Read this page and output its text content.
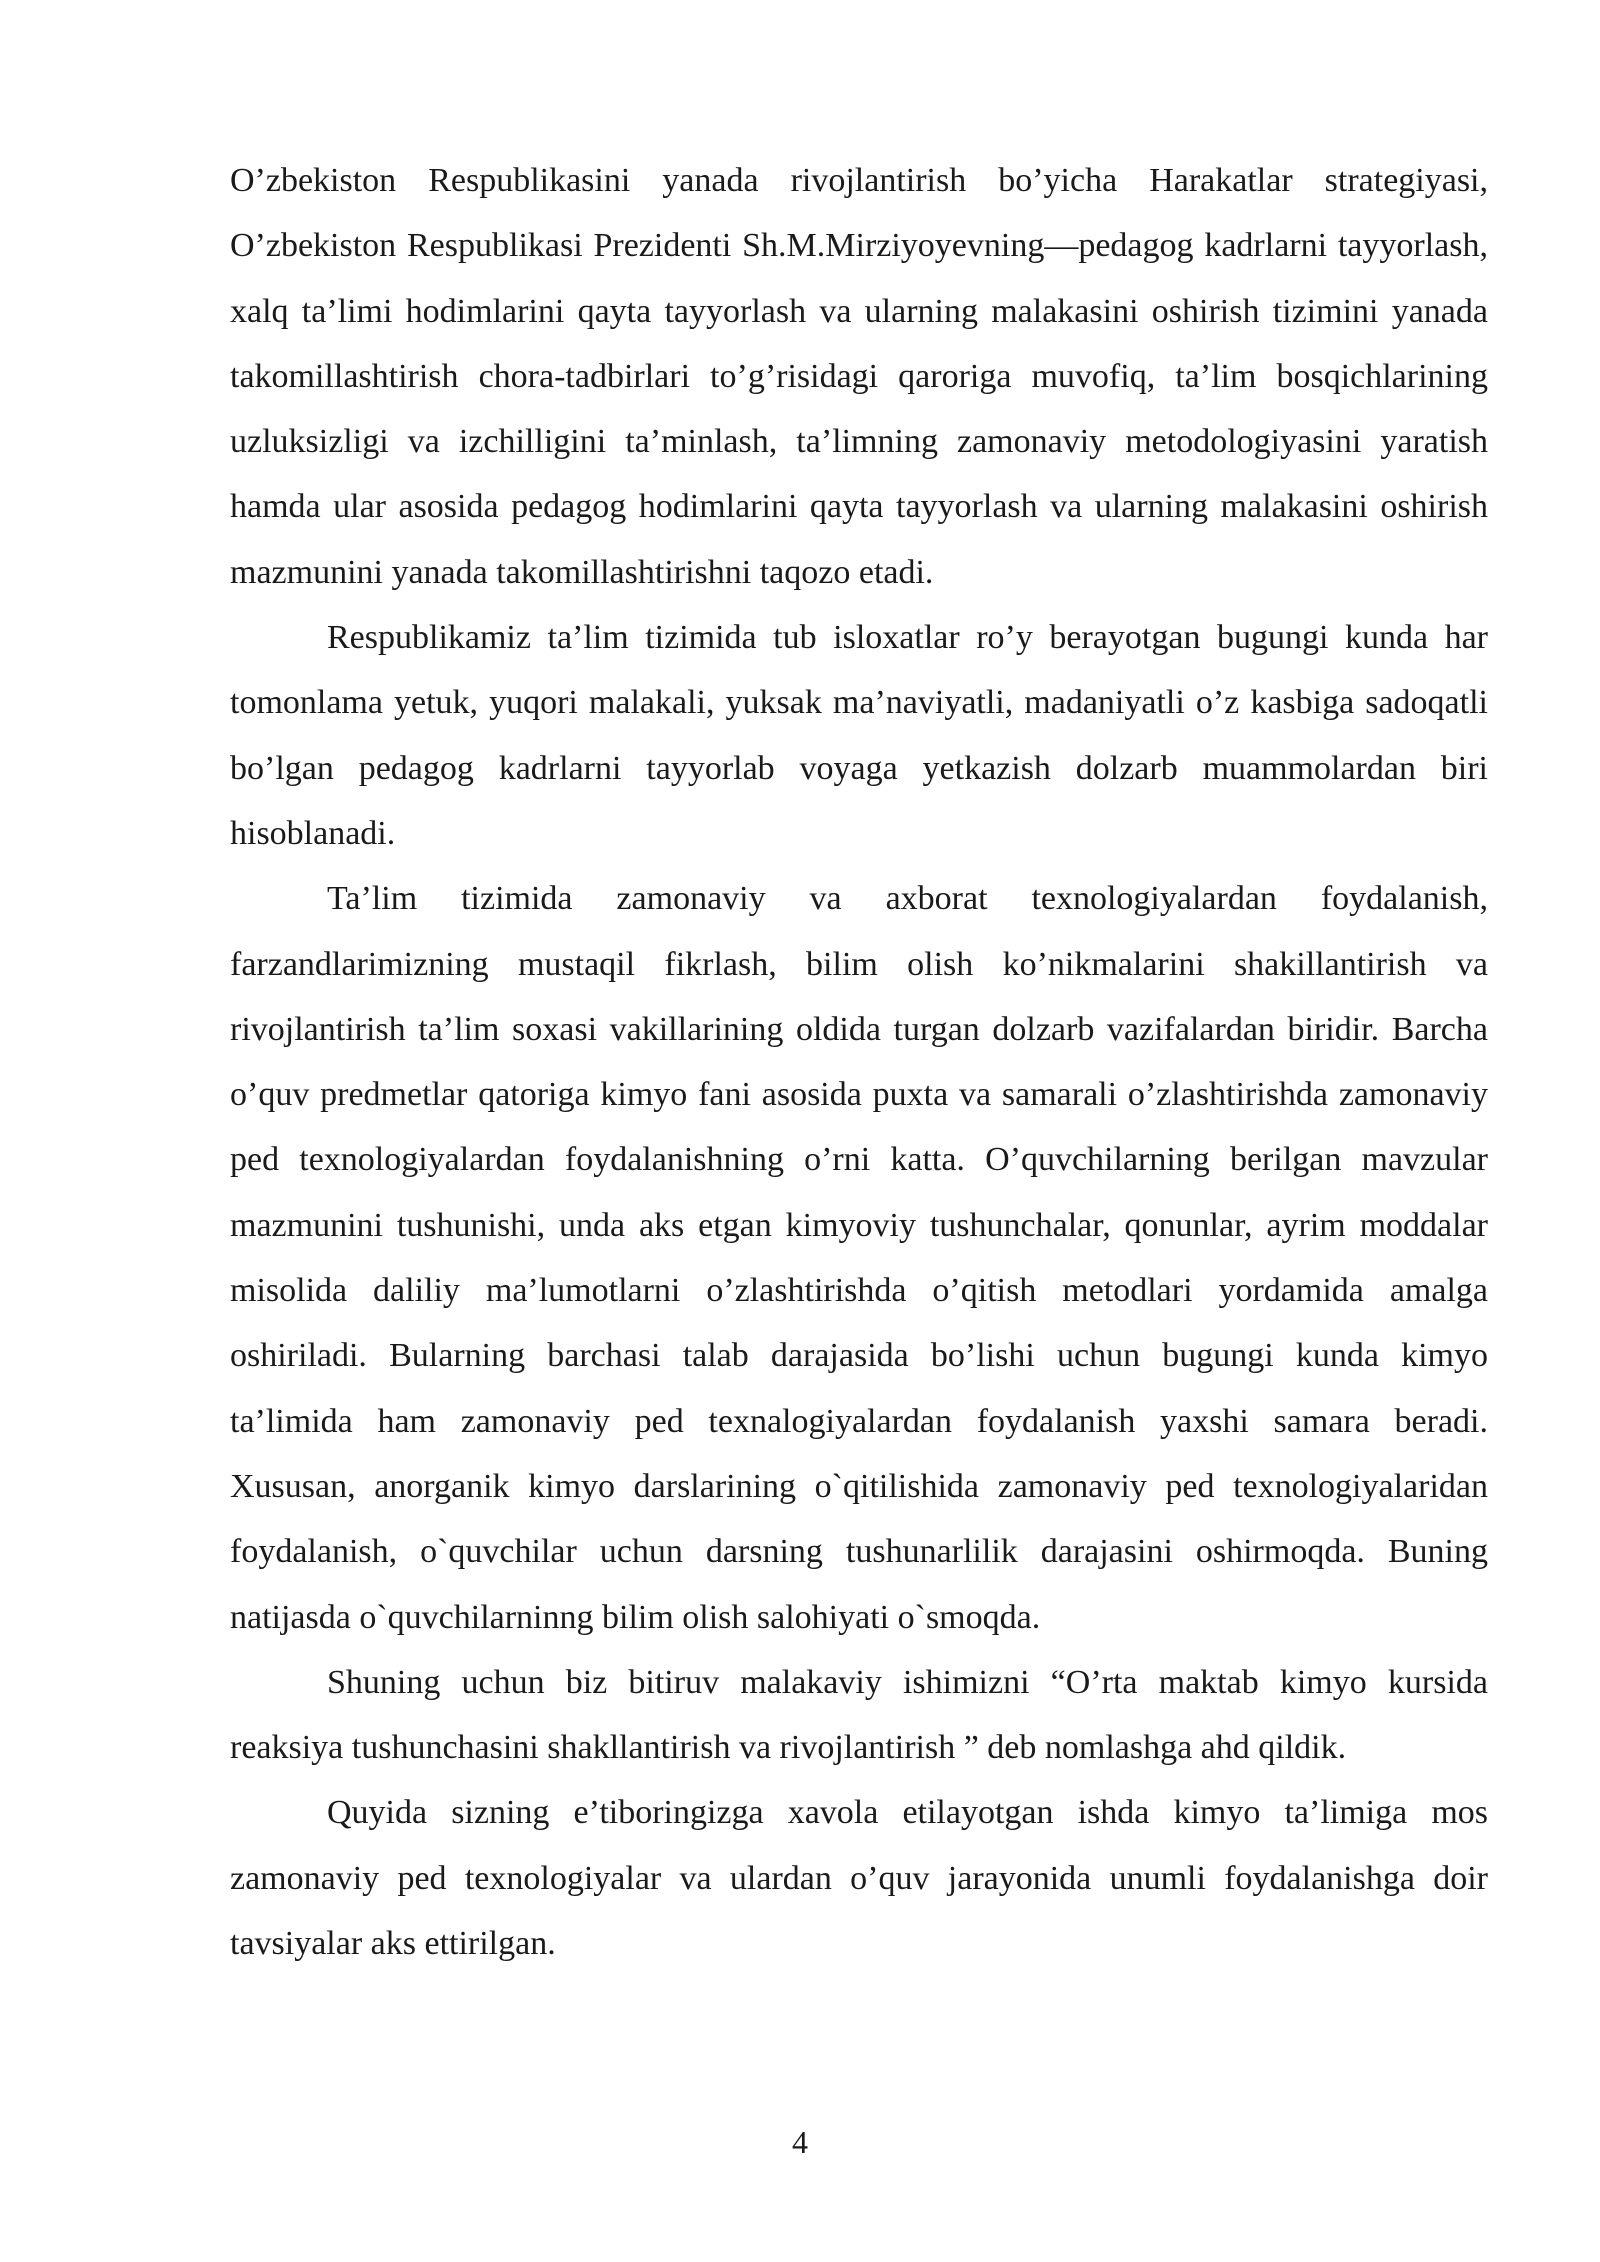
O’zbekiston Respublikasini yanada rivojlantirish bo’yicha Harakatlar strategiyasi, O’zbekiston Respublikasi Prezidenti Sh.M.Mirziyoyevning—pedagog kadrlarni tayyorlash, xalq ta’limi hodimlarini qayta tayyorlash va ularning malakasini oshirish tizimini yanada takomillashtirish chora-tadbirlari to’g’risidagi qaroriga muvofiq, ta’lim bosqichlarining uzluksizligi va izchilligini ta’minlash, ta’limning zamonaviy metodologiyasini yaratish hamda ular asosida pedagog hodimlarini qayta tayyorlash va ularning malakasini oshirish mazmunini yanada takomillashtirishni taqozo etadi.

Respublikamiz ta’lim tizimida tub isloxatlar ro’y berayotgan bugungi kunda har tomonlama yetuk, yuqori malakali, yuksak ma’naviyatli, madaniyatli o’z kasbiga sadoqatli bo’lgan pedagog kadrlarni tayyorlab voyaga yetkazish dolzarb muammolardan biri hisoblanadi.

Ta’lim tizimida zamonaviy va axborat texnologiyalardan foydalanish, farzandlarimizning mustaqil fikrlash, bilim olish ko’nikmalarini shakillantirish va rivojlantirish ta’lim soxasi vakillarining oldida turgan dolzarb vazifalardan biridir. Barcha o’quv predmetlar qatoriga kimyo fani asosida puxta va samarali o’zlashtirishda zamonaviy ped texnologiyalardan foydalanishning o’rni katta. O’quvchilarning berilgan mavzular mazmunini tushunishi, unda aks etgan kimyoviy tushunchalar, qonunlar, ayrim moddalar misolida daliliy ma’lumotlarni o’zlashtirishda o’qitish metodlari yordamida amalga oshiriladi. Bularning barchasi talab darajasida bo’lishi uchun bugungi kunda kimyo ta’limida ham zamonaviy ped texnalogiyalardan foydalanish yaxshi samara beradi. Xususan, anorganik kimyo darslarining o`qitilishida zamonaviy ped texnologiyalaridan foydalanish, o`quvchilar uchun darsning tushunarlilik darajasini oshirmoqda. Buning natijasda o`quvchilarninng bilim olish salohiyati o`smoqda.

Shuning uchun biz bitiruv malakaviy ishimizni “O’rta maktab kimyo kursida reaksiya tushunchasini shakllantirish va rivojlantirish ” deb nomlashga ahd qildik.

Quyida sizning e’tiboringizga xavola etilayotgan ishda kimyo ta’limiga mos zamonaviy ped texnologiyalar va ulardan o’quv jarayonida unumli foydalanishga doir tavsiyalar aks ettirilgan.

4
